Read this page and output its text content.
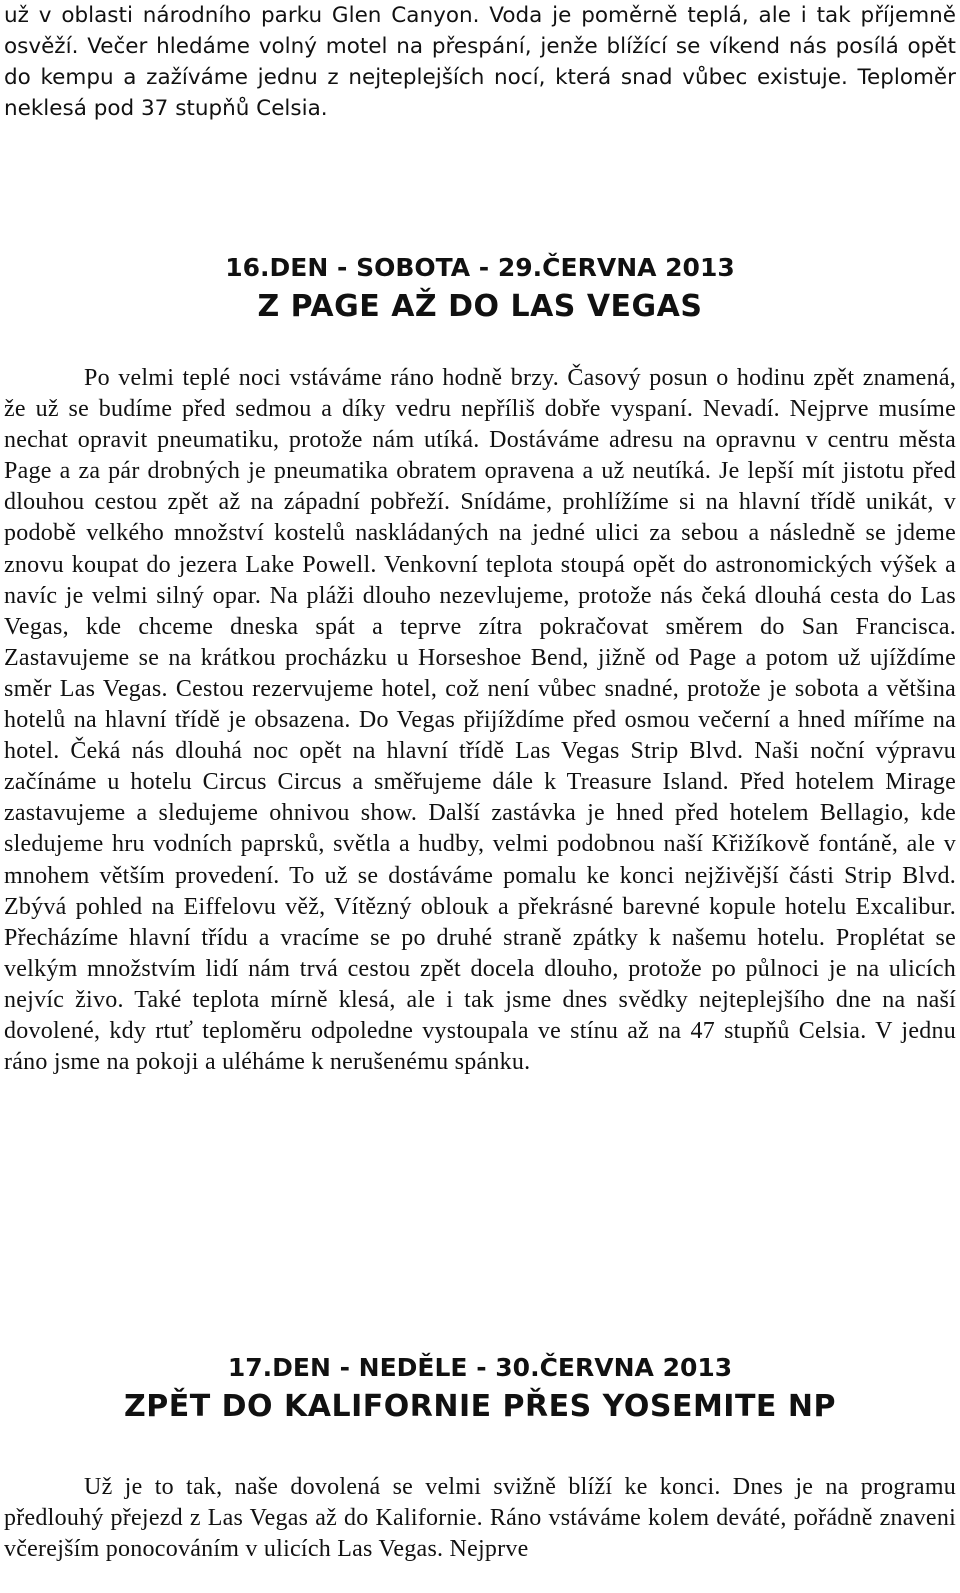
už v oblasti národního parku Glen Canyon. Voda je poměrně teplá, ale i tak příjemně osvěží. Večer hledáme volný motel na přespání, jenže blížící se víkend nás posílá opět do kempu a zažíváme jednu z nejteplejších nocí, která snad vůbec existuje. Teploměr neklesá pod 37 stupňů Celsia.

16.DEN - SOBOTA - 29.ČERVNA 2013
Z PAGE AŽ DO LAS VEGAS

Po velmi teplé noci vstáváme ráno hodně brzy. Časový posun o hodinu zpět znamená, že už se budíme před sedmou a díky vedru nepříliš dobře vyspaní. Nevadí. Nejprve musíme nechat opravit pneumatiku, protože nám utíká. Dostáváme adresu na opravnu v centru města Page a za pár drobných je pneumatika obratem opravena a už neutíká. Je lepší mít jistotu před dlouhou cestou zpět až na západní pobřeží. Snídáme, prohlížíme si na hlavní třídě unikát, v podobě velkého množství kostelů naskládaných na jedné ulici za sebou a následně se jdeme znovu koupat do jezera Lake Powell. Venkovní teplota stoupá opět do astronomických výšek a navíc je velmi silný opar. Na pláži dlouho nezevlujeme, protože nás čeká dlouhá cesta do Las Vegas, kde chceme dneska spát a teprve zítra pokračovat směrem do San Francisca. Zastavujeme se na krátkou procházku u Horseshoe Bend, jižně od Page a potom už ujíždíme směr Las Vegas. Cestou rezervujeme hotel, což není vůbec snadné, protože je sobota a většina hotelů na hlavní třídě je obsazena. Do Vegas přijíždíme před osmou večerní a hned míříme na hotel. Čeká nás dlouhá noc opět na hlavní třídě Las Vegas Strip Blvd. Naši noční výpravu začínáme u hotelu Circus Circus a směřujeme dále k Treasure Island. Před hotelem Mirage zastavujeme a sledujeme ohnivou show. Další zastávka je hned před hotelem Bellagio, kde sledujeme hru vodních paprsků, světla a hudby, velmi podobnou naší Křižíkově fontáně, ale v mnohem větším provedení. To už se dostáváme pomalu ke konci nejživější části Strip Blvd. Zbývá pohled na Eiffelovu věž, Vítězný oblouk a překrásné barevné kopule hotelu Excalibur. Přecházíme hlavní třídu a vracíme se po druhé straně zpátky k našemu hotelu. Proplétat se velkým množstvím lidí nám trvá cestou zpět docela dlouho, protože po půlnoci je na ulicích nejvíc živo. Také teplota mírně klesá, ale i tak jsme dnes svědky nejteplejšího dne na naší dovolené, kdy rtuť teploměru odpoledne vystoupala ve stínu až na 47 stupňů Celsia. V jednu ráno jsme na pokoji a uléháme k nerušenému spánku.

17.DEN - NEDĚLE - 30.ČERVNA 2013
ZPĚT DO KALIFORNIE PŘES YOSEMITE NP

Už je to tak, naše dovolená se velmi svižně blíží ke konci. Dnes je na programu předlouhý přejezd z Las Vegas až do Kalifornie. Ráno vstáváme kolem deváté, pořádně znaveni včerejším ponocováním v ulicích Las Vegas. Nejprve
